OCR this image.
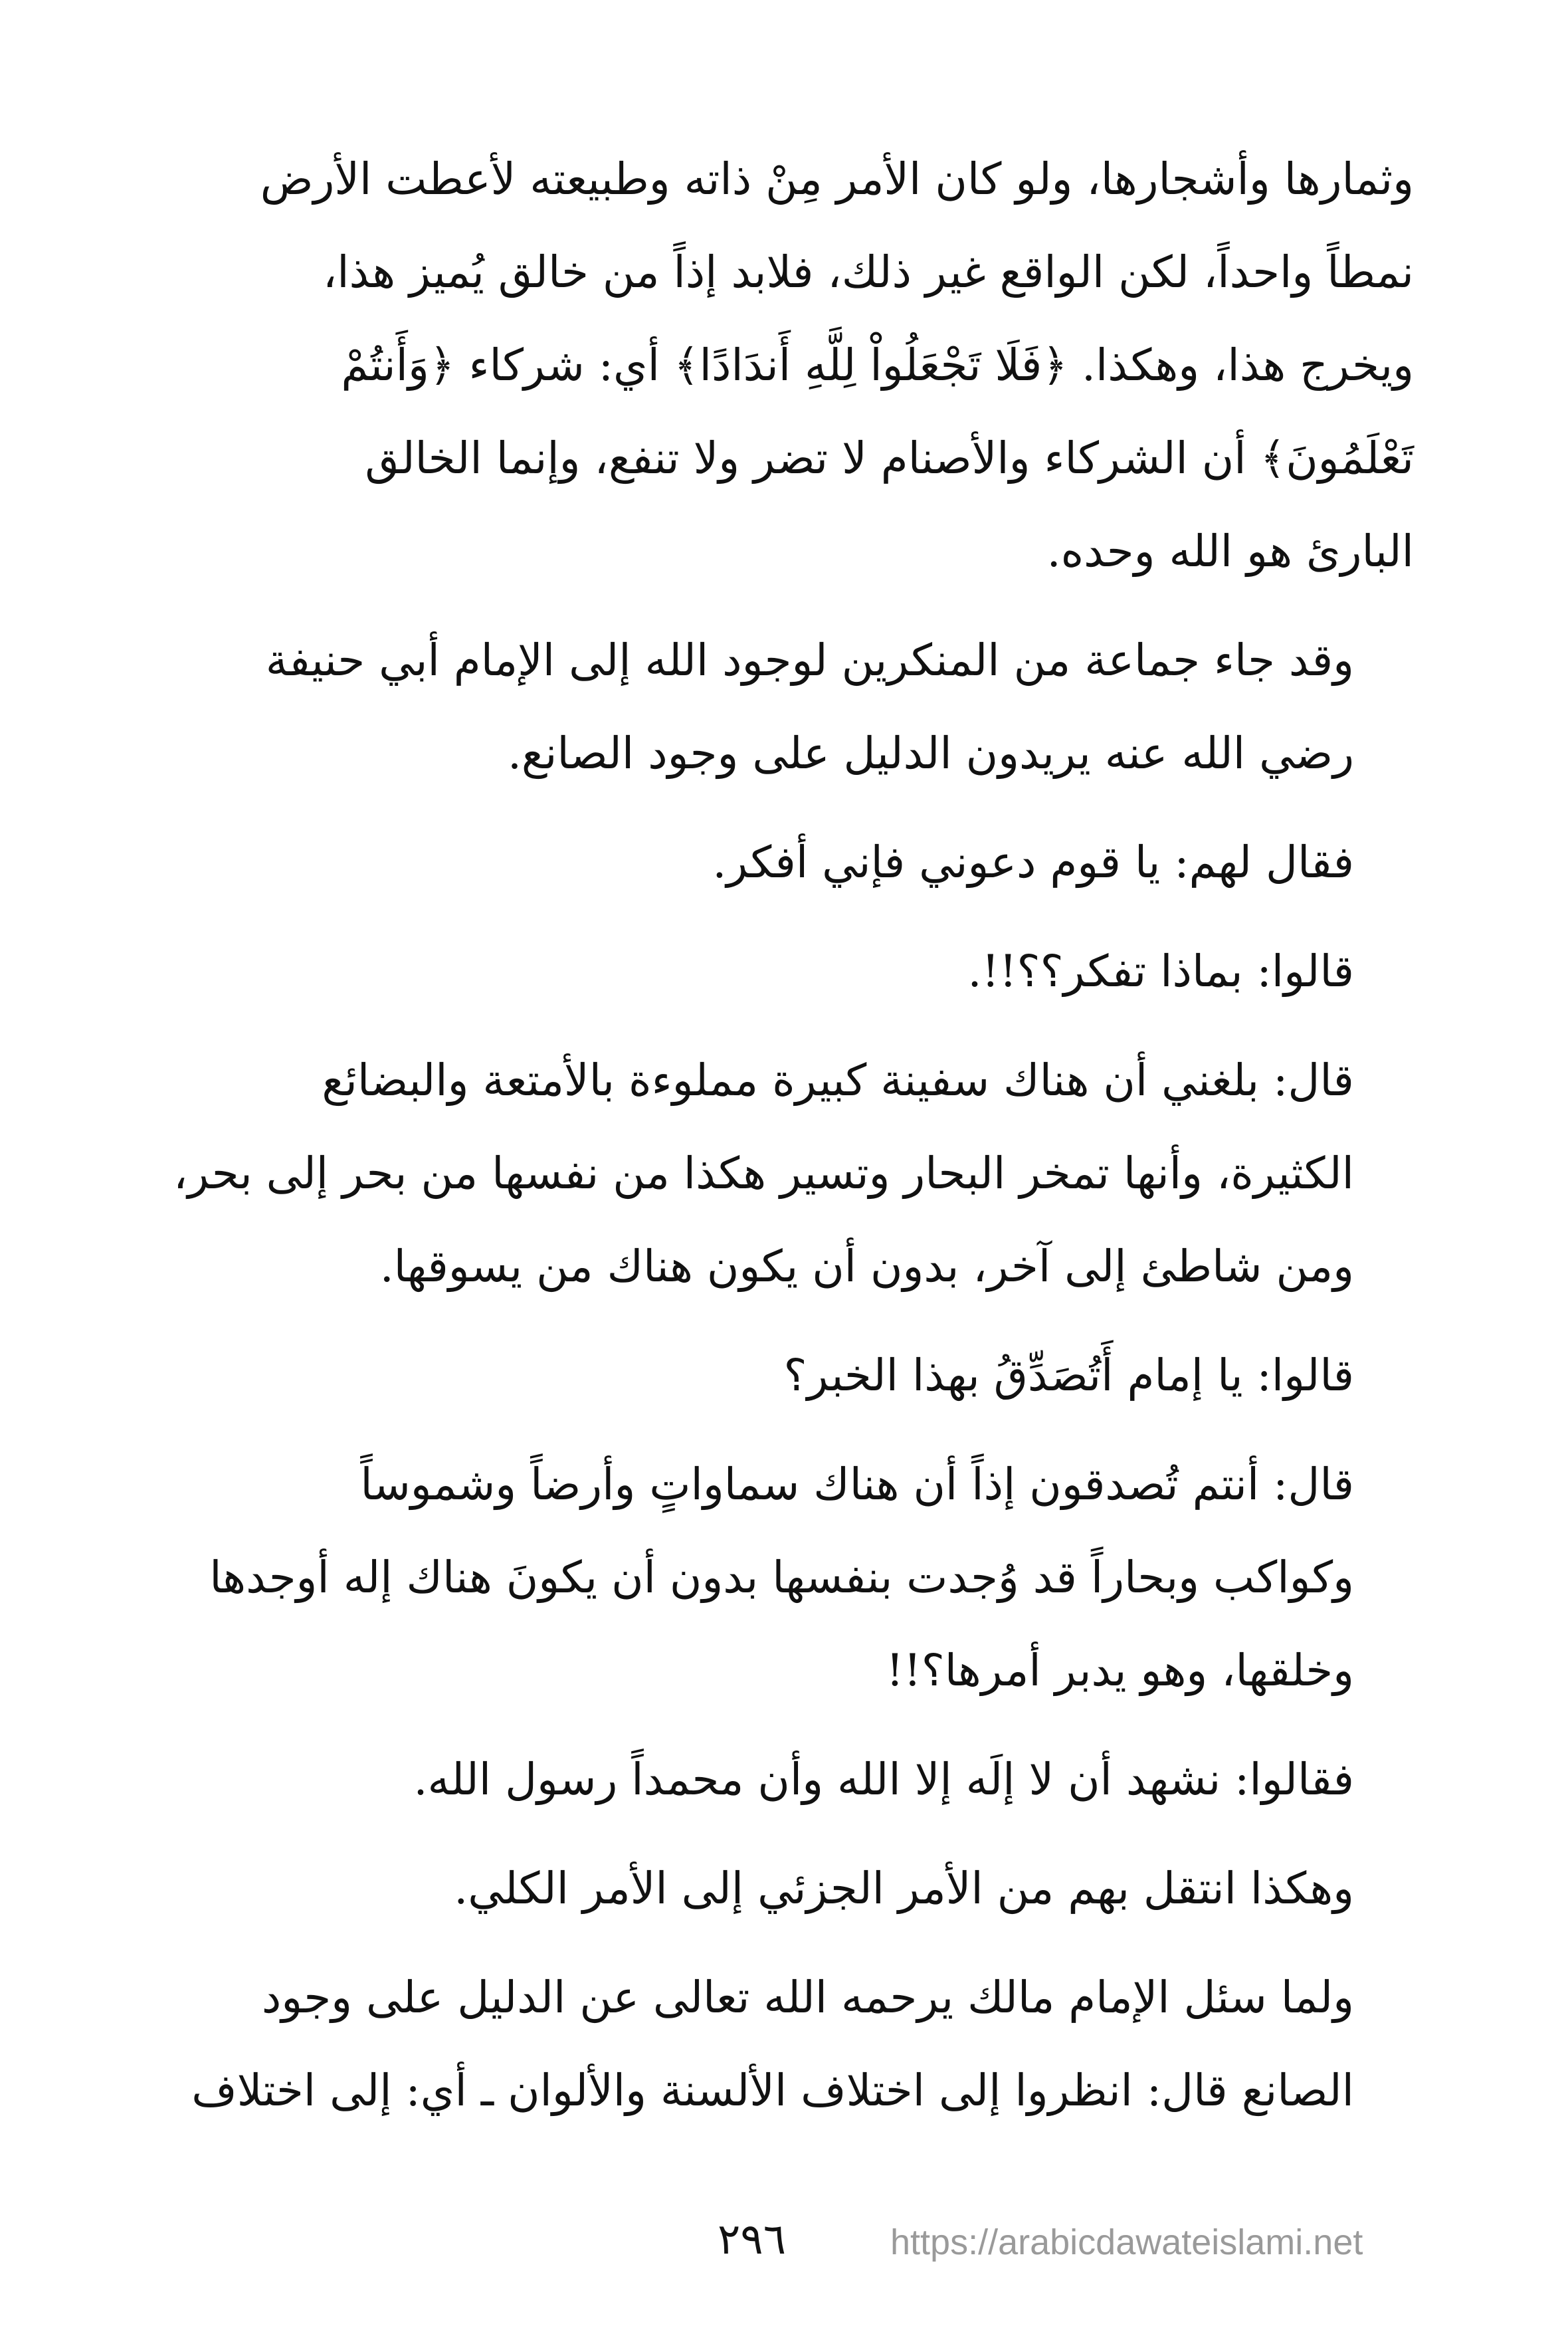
وثمارها وأشجارها، ولو كان الأمر مِنْ ذاته وطبيعته لأعطت الأرض
نمطاً واحداً، لكن الواقع غير ذلك، فلابد إذاً من خالق يُميز هذا،
ويخرج هذا، وهكذا. ﴿فَلَا تَجْعَلُواْ لِلَّهِ أَندَادًا﴾ أي: شركاء ﴿وَأَنتُمْ
تَعْلَمُونَ﴾ أن الشركاء والأصنام لا تضر ولا تنفع، وإنما الخالق
البارئ هو الله وحده.

وقد جاء جماعة من المنكرين لوجود الله إلى الإمام أبي حنيفة
رضي الله عنه يريدون الدليل على وجود الصانع.

فقال لهم: يا قوم دعوني فإني أفكر.

قالوا: بماذا تفكر؟؟!!.

قال: بلغني أن هناك سفينة كبيرة مملوءة بالأمتعة والبضائع
الكثيرة، وأنها تمخر البحار وتسير هكذا من نفسها من بحر إلى بحر،
ومن شاطئ إلى آخر، بدون أن يكون هناك من يسوقها.

قالوا: يا إمام أَتُصَدِّقُ بهذا الخبر؟

قال: أنتم تُصدقون إذاً أن هناك سماواتٍ وأرضاً وشموساً
وكواكب وبحاراً قد وُجدت بنفسها بدون أن يكونَ هناك إله أوجدها
وخلقها، وهو يدبر أمرها؟!!

فقالوا: نشهد أن لا إلَه إلا الله وأن محمداً رسول الله.

وهكذا انتقل بهم من الأمر الجزئي إلى الأمر الكلي.

ولما سئل الإمام مالك يرحمه الله تعالى عن الدليل على وجود
الصانع قال: انظروا إلى اختلاف الألسنة والألوان ـ أي: إلى اختلاف

٢٩٦	https://arabicdawateislami.net
